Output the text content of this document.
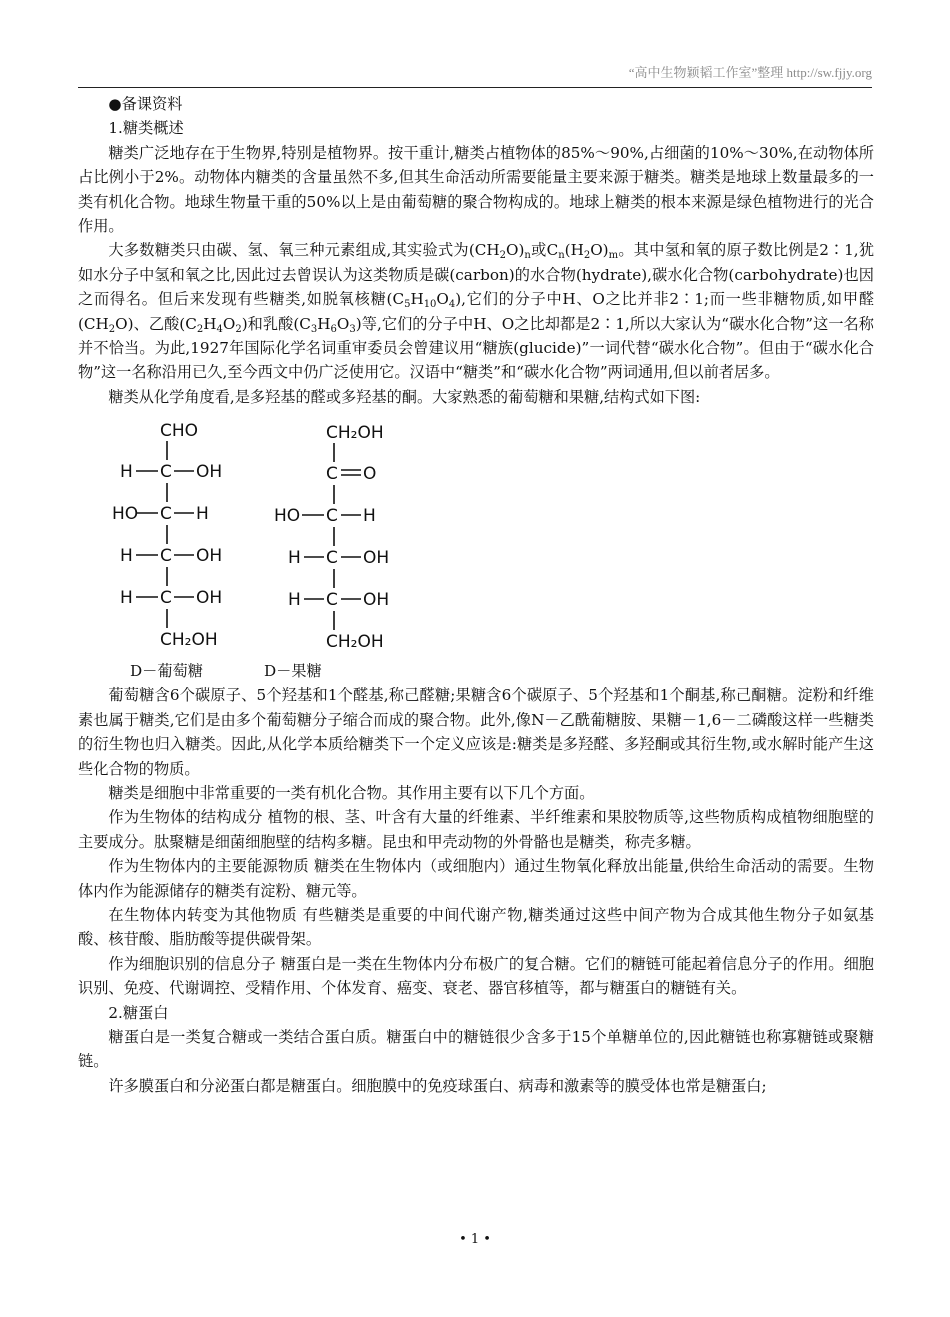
“高中生物颖韬工作室”整理 http://sw.fjjy.org

●备课资料

1.糖类概述

糖类广泛地存在于生物界,特别是植物界。按干重计,糖类占植物体的85%～90%,占细菌的10%～30%,在动物体所占比例小于2%。动物体内糖类的含量虽然不多,但其生命活动所需要能量主要来源于糖类。糖类是地球上数量最多的一类有机化合物。地球生物量干重的50%以上是由葡萄糖的聚合物构成的。地球上糖类的根本来源是绿色植物进行的光合作用。

大多数糖类只由碳、氢、氧三种元素组成,其实验式为$(CH_2O)_n$或$C_n(H_2O)_m$。其中氢和氧的原子数比例是2∶1,犹如水分子中氢和氧之比,因此过去曾误认为这类物质是碳(carbon)的水合物(hydrate),碳水化合物(carbohydrate)也因之而得名。但后来发现有些糖类,如脱氧核糖$(C_5H_{10}O_4)$,它们的分子中H、O之比并非2∶1;而一些非糖物质,如甲醛$(CH_2O)$、乙酸$(C_2H_4O_2)$和乳酸$(C_3H_6O_3)$等,它们的分子中H、O之比却都是2∶1,所以大家认为“碳水化合物”这一名称并不恰当。为此,1927年国际化学名词重审委员会曾建议用“糖族(glucide)”一词代替“碳水化合物”。但由于“碳水化合物”这一名称沿用已久,至今西文中仍广泛使用它。汉语中“糖类”和“碳水化合物”两词通用,但以前者居多。

糖类从化学角度看,是多羟基的醛或多羟基的酮。大家熟悉的葡萄糖和果糖,结构式如下图:

CHO
H C OH
HO C H
H C OH
H C OH
CH₂OH
CH₂OH
C O
HO C H
H C OH
H C OH
CH₂OH
D－葡萄糖	D－果糖

葡萄糖含6个碳原子、5个羟基和1个醛基,称己醛糖;果糖含6个碳原子、5个羟基和1个酮基,称己酮糖。淀粉和纤维素也属于糖类,它们是由多个葡萄糖分子缩合而成的聚合物。此外,像N－乙酰葡糖胺、果糖－1,6－二磷酸这样一些糖类的衍生物也归入糖类。因此,从化学本质给糖类下一个定义应该是:糖类是多羟醛、多羟酮或其衍生物,或水解时能产生这些化合物的物质。

糖类是细胞中非常重要的一类有机化合物。其作用主要有以下几个方面。

作为生物体的结构成分 植物的根、茎、叶含有大量的纤维素、半纤维素和果胶物质等,这些物质构成植物细胞壁的主要成分。肽聚糖是细菌细胞壁的结构多糖。昆虫和甲壳动物的外骨骼也是糖类，称壳多糖。

作为生物体内的主要能源物质 糖类在生物体内（或细胞内）通过生物氧化释放出能量,供给生命活动的需要。生物体内作为能源储存的糖类有淀粉、糖元等。

在生物体内转变为其他物质 有些糖类是重要的中间代谢产物,糖类通过这些中间产物为合成其他生物分子如氨基酸、核苷酸、脂肪酸等提供碳骨架。

作为细胞识别的信息分子 糖蛋白是一类在生物体内分布极广的复合糖。它们的糖链可能起着信息分子的作用。细胞识别、免疫、代谢调控、受精作用、个体发育、癌变、衰老、器官移植等，都与糖蛋白的糖链有关。

2.糖蛋白

糖蛋白是一类复合糖或一类结合蛋白质。糖蛋白中的糖链很少含多于15个单糖单位的,因此糖链也称寡糖链或聚糖链。

许多膜蛋白和分泌蛋白都是糖蛋白。细胞膜中的免疫球蛋白、病毒和激素等的膜受体也常是糖蛋白;

• 1 •
